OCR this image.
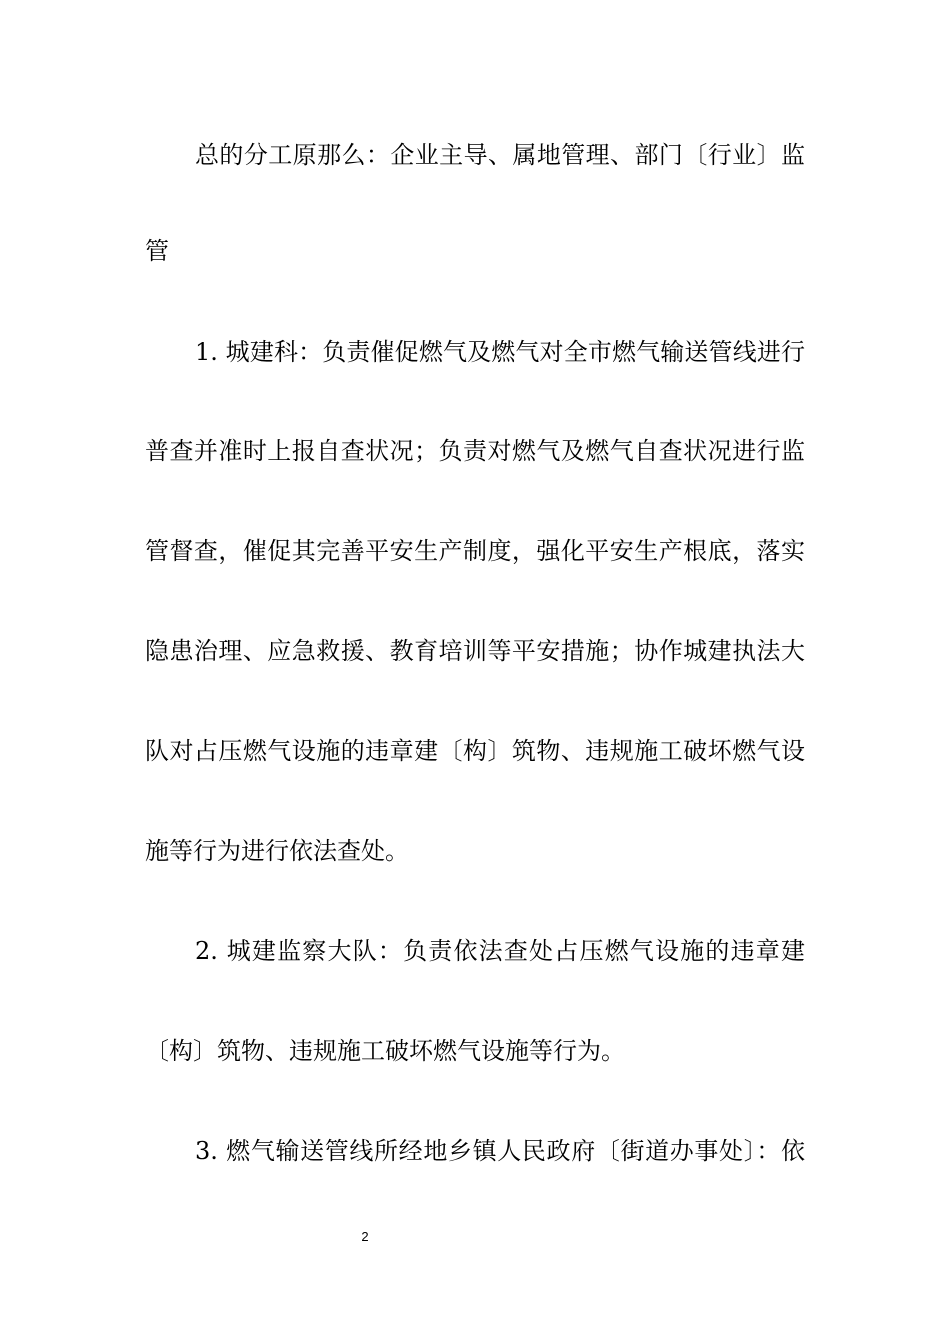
总的分工原那么：企业主导、属地管理、部门〔行业〕监
管
1. 城建科：负责催促燃气及燃气对全市燃气输送管线进行
普查并准时上报自查状况；负责对燃气及燃气自查状况进行监
管督查，催促其完善平安生产制度，强化平安生产根底，落实
隐患治理、应急救援、教育培训等平安措施；协作城建执法大
队对占压燃气设施的违章建〔构〕筑物、违规施工破坏燃气设
施等行为进行依法查处。
2. 城建监察大队：负责依法查处占压燃气设施的违章建
〔构〕筑物、违规施工破坏燃气设施等行为。
3. 燃气输送管线所经地乡镇人民政府〔街道办事处〕：依
2
